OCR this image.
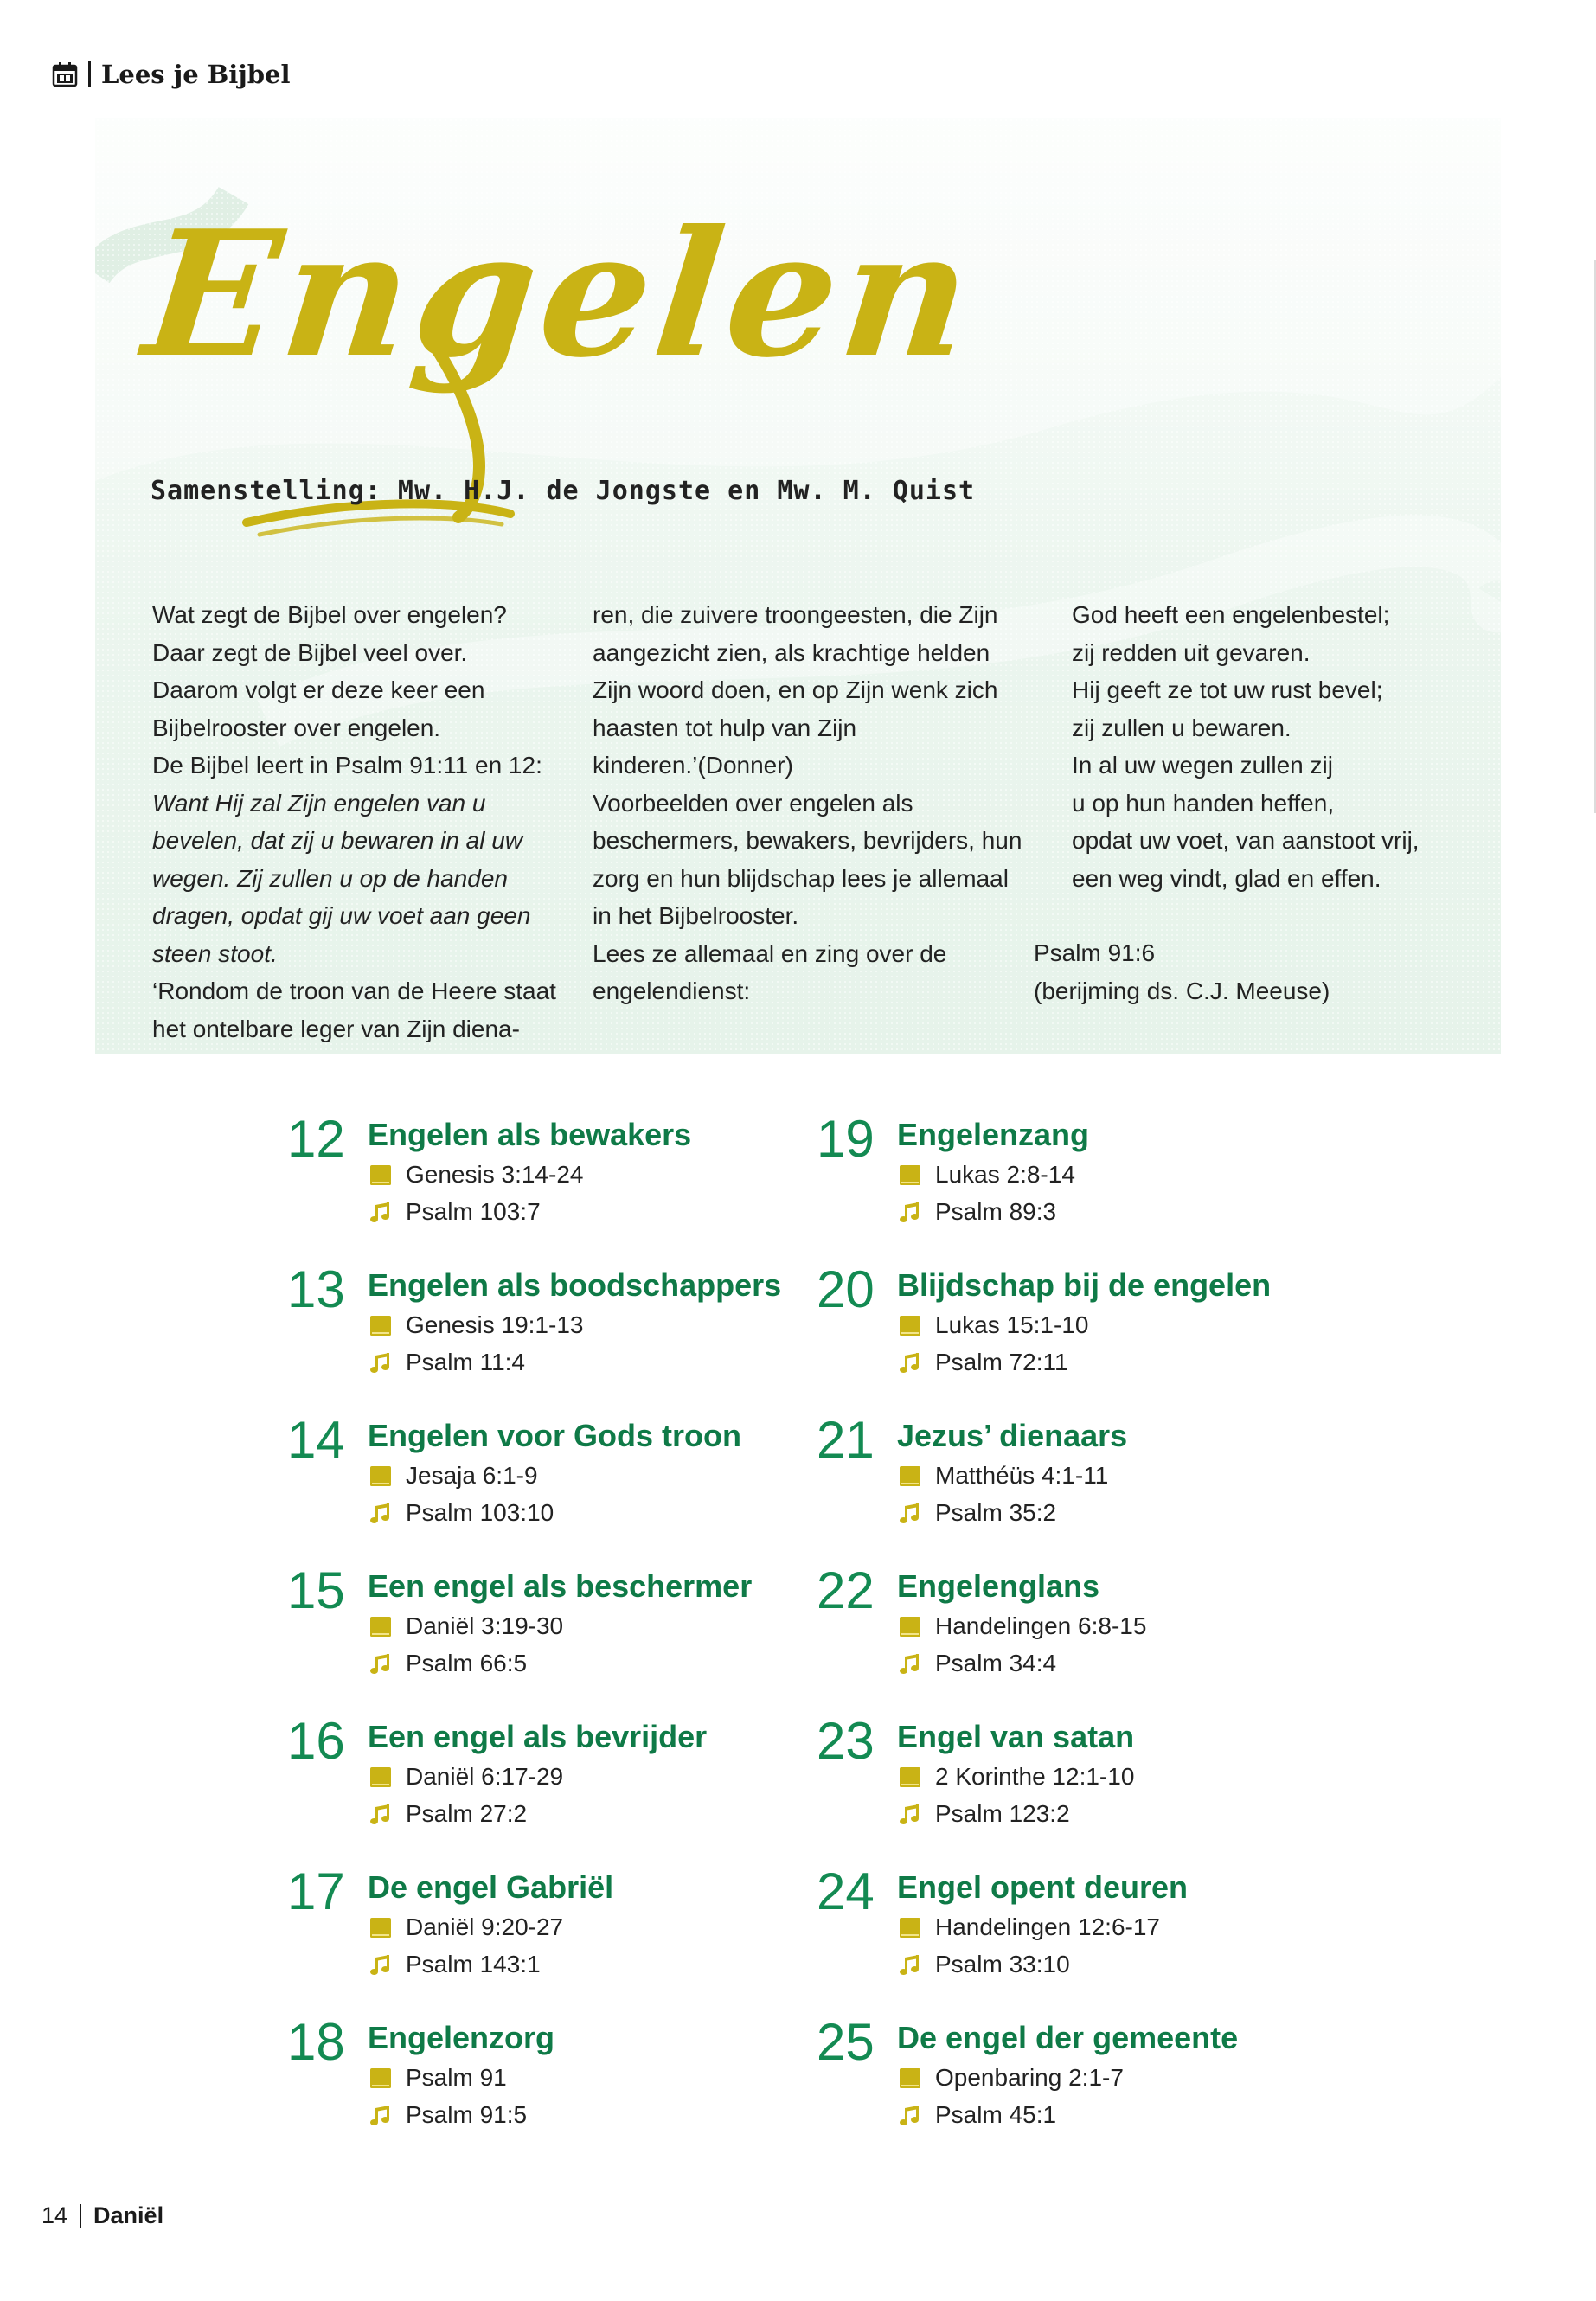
Lees je Bijbel
Engelen
Samenstelling: Mw. H.J. de Jongste en Mw. M. Quist

Wat zegt de Bijbel over engelen? Daar zegt de Bijbel veel over. Daarom volgt er deze keer een Bijbelrooster over engelen.

De Bijbel leert in Psalm 91:11 en 12:

Want Hij zal Zijn engelen van u bevelen, dat zij u bewaren in al uw wegen. Zij zullen u op de handen dragen, opdat gij uw voet aan geen steen stoot.

‘Rondom de troon van de Heere staat het ontelbare leger van Zijn diena-

ren, die zuivere troongeesten, die Zijn aangezicht zien, als krachtige helden Zijn woord doen, en op Zijn wenk zich haasten tot hulp van Zijn kinderen.’(Donner)

Voorbeelden over engelen als beschermers, bewakers, bevrijders, hun zorg en hun blijdschap lees je allemaal in het Bijbelrooster.

Lees ze allemaal en zing over de engelendienst:

God heeft een engelenbestel;
zij redden uit gevaren.
Hij geeft ze tot uw rust bevel;
zij zullen u bewaren.
In al uw wegen zullen zij
u op hun handen heffen,
opdat uw voet, van aanstoot vrij,
een weg vindt, glad en effen.
Psalm 91:6
(berijming ds. C.J. Meeuse)
12 Engelen als bewakers
Genesis 3:14-24
Psalm 103:7
13 Engelen als boodschappers
Genesis 19:1-13
Psalm 11:4
14 Engelen voor Gods troon
Jesaja 6:1-9
Psalm 103:10
15 Een engel als beschermer
Daniël 3:19-30
Psalm 66:5
16 Een engel als bevrijder
Daniël 6:17-29
Psalm 27:2
17 De engel Gabriël
Daniël 9:20-27
Psalm 143:1
18 Engelenzorg
Psalm 91
Psalm 91:5
19 Engelenzang
Lukas 2:8-14
Psalm 89:3
20 Blijdschap bij de engelen
Lukas 15:1-10
Psalm 72:11
21 Jezus’ dienaars
Matthéüs 4:1-11
Psalm 35:2
22 Engelenglans
Handelingen 6:8-15
Psalm 34:4
23 Engel van satan
2 Korinthe 12:1-10
Psalm 123:2
24 Engel opent deuren
Handelingen 12:6-17
Psalm 33:10
25 De engel der gemeente
Openbaring 2:1-7
Psalm 45:1
14 Daniël
